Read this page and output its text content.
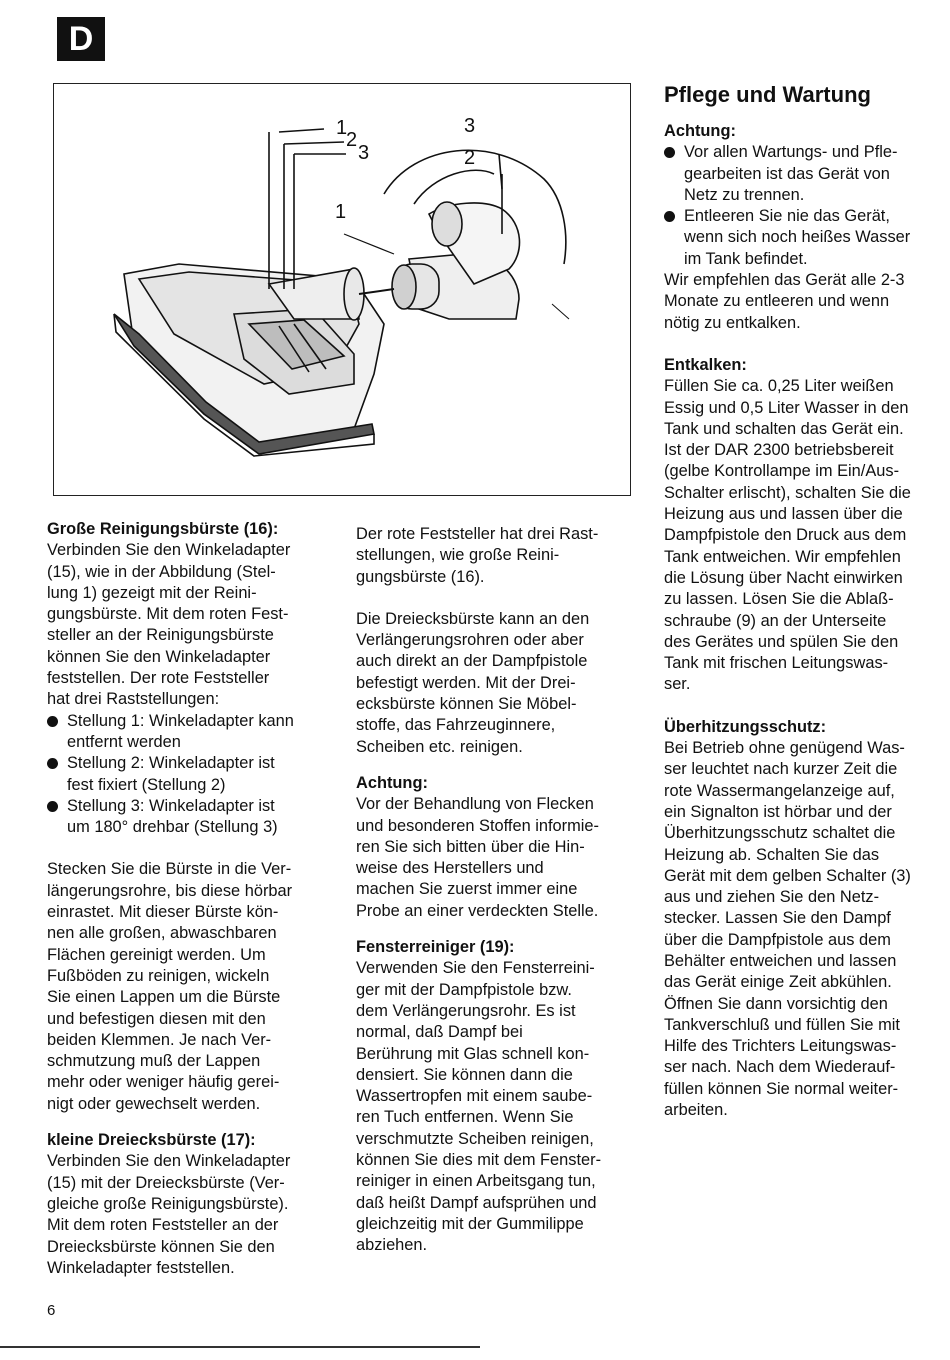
D
1
2
3
3
2
1
Große Reinigungsbürste (16):

Verbinden Sie den Winkeladapter
(15), wie in der Abbildung (Stel-
lung 1) gezeigt mit der Reini-
gungsbürste. Mit dem roten Fest-
steller an der Reinigungsbürste
können Sie den Winkeladapter
feststellen. Der rote Feststeller
hat drei Raststellungen:

Stellung 1: Winkeladapter kann
entfernt werden
Stellung 2: Winkeladapter ist
fest fixiert (Stellung 2)
Stellung 3: Winkeladapter ist
um 180° drehbar (Stellung 3)

Stecken Sie die Bürste in die Ver-
längerungsrohre, bis diese hörbar
einrastet. Mit dieser Bürste kön-
nen alle großen, abwaschbaren
Flächen gereinigt werden. Um
Fußböden zu reinigen, wickeln
Sie einen Lappen um die Bürste
und befestigen diesen mit den
beiden Klemmen. Je nach Ver-
schmutzung muß der Lappen
mehr oder weniger häufig gerei-
nigt oder gewechselt werden.

kleine Dreiecksbürste (17):

Verbinden Sie den Winkeladapter
(15) mit der Dreiecksbürste (Ver-
gleiche große Reinigungsbürste).
Mit dem roten Feststeller an der
Dreiecksbürste können Sie den
Winkeladapter feststellen.

Der rote Feststeller hat drei Rast-
stellungen, wie große Reini-
gungsbürste (16).

Die Dreiecksbürste kann an den
Verlängerungsrohren oder aber
auch direkt an der Dampfpistole
befestigt werden. Mit der Drei-
ecksbürste können Sie Möbel-
stoffe, das Fahrzeuginnere,
Scheiben etc. reinigen.

Achtung:

Vor der Behandlung von Flecken
und besonderen Stoffen informie-
ren Sie sich bitten über die Hin-
weise des Herstellers und
machen Sie zuerst immer eine
Probe an einer verdeckten Stelle.

Fensterreiniger (19):

Verwenden Sie den Fensterreini-
ger mit der Dampfpistole bzw.
dem Verlängerungsrohr. Es ist
normal, daß Dampf bei
Berührung mit Glas schnell kon-
densiert. Sie können dann die
Wassertropfen mit einem saube-
ren Tuch entfernen. Wenn Sie
verschmutzte Scheiben reinigen,
können Sie dies mit dem Fenster-
reiniger in einen Arbeitsgang tun,
daß heißt Dampf aufsprühen und
gleichzeitig mit der Gummilippe
abziehen.

Pflege und Wartung
Achtung:
Vor allen Wartungs- und Pfle-
gearbeiten ist das Gerät von
Netz zu trennen.
Entleeren Sie nie das Gerät,
wenn sich noch heißes Wasser
im Tank befindet.

Wir empfehlen das Gerät alle 2-3
Monate zu entleeren und wenn
nötig zu entkalken.

Entkalken:

Füllen Sie ca. 0,25 Liter weißen
Essig und 0,5 Liter Wasser in den
Tank und schalten das Gerät ein.
Ist der DAR 2300 betriebsbereit
(gelbe Kontrollampe im Ein/Aus-
Schalter erlischt), schalten Sie die
Heizung aus und lassen über die
Dampfpistole den Druck aus dem
Tank entweichen. Wir empfehlen
die Lösung über Nacht einwirken
zu lassen. Lösen Sie die Ablaß-
schraube (9) an der Unterseite
des Gerätes und spülen Sie den
Tank mit frischen Leitungswas-
ser.

Überhitzungsschutz:

Bei Betrieb ohne genügend Was-
ser leuchtet nach kurzer Zeit die
rote Wassermangelanzeige auf,
ein Signalton ist hörbar und der
Überhitzungsschutz schaltet die
Heizung ab. Schalten Sie das
Gerät mit dem gelben Schalter (3)
aus und ziehen Sie den Netz-
stecker. Lassen Sie den Dampf
über die Dampfpistole aus dem
Behälter entweichen und lassen
das Gerät einige Zeit abkühlen.
Öffnen Sie dann vorsichtig den
Tankverschluß und füllen Sie mit
Hilfe des Trichters Leitungswas-
ser nach. Nach dem Wiederauf-
füllen können Sie normal weiter-
arbeiten.

6
